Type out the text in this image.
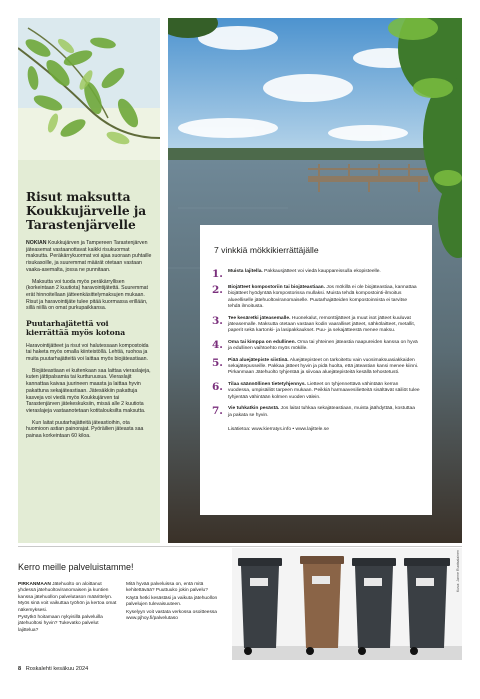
Risut maksutta Koukkujärvelle ja Tarastenjärvelle

NOKIAN Koukkujärven ja Tampereen Tarastenjärven jäteasemat vastaanottavat kaikki risukuormat maksutta. Peräkärrykuormat voi ajaa suoraan puhtaille risukasoille, ja suuremmat määrät otetaan vastaan vaaka-asemalta, jossa ne punnitaan.

Maksutta voi tuoda myös peräkärryllisen (korkeintaan 2 kuutiota) haravointijätettä. Suuremmat erät hinnoitellaan jätteenkäsittelymaksujen mukaan. Risut ja haravointijäte tulee pitää kuormassa erillään, sillä niillä on omat purkupaikkansa.

Puutarhajätettä voi kierrättää myös kotona

Haravointijätteet ja risut voi halutessaan kompostoida tai haketa myös omalla kiinteistöllä. Lehtiä, ruohoa ja muita puutarhajätteitä voi laittaa myös biojäteastiaan.

Biojäteastiaan ei kuitenkaan saa laittaa vieraslajeja, kuten jättipalsamia tai kurtturuusua. Vieraslajit kannattaa kaivaa juurineen maasta ja laittaa hyvin pakattuna sekajäteastiaan. Jätesäkkiin pakattuja kasveja voi viedä myös Koukkujärven tai Tarastenjärven jätekeskuksiin, missä alle 2 kuutiota vieraslajeja vastaanotetaan kotitalouksilta maksutta.

Kun laitat puutarhajätteitä jäteastioihin, ota huomioon astian painorajat. Pyöräilien jäteasta saa painaa korkeintaan 60 kiloa.

7 vinkkiä mökkikierrättäjälle
1.	Muista lajitella. Pakkausjätteet voi viedä kauppareissulla ekopisteelle.
2.	Biojätteet kompostoriin tai biojäteastiaan. Jos mökillä ei ole biojäteastiaa, kannattaa biojätteet hyödyntää kompostorissa mullaksi. Muista tehdä kompostointi-ilmoitus alueelliselle jätehuoltoviranomaiselle. Puutarhajätteiden kompostoinnista ei tarvitse tehdä ilmoitusta.
3.	Tee kesäretki jäteasemalle. Huonekalut, remonttijätteet ja muut isot jätteet kuuluvat jäteasemalle. Maksutta otetaan vastaan kodin vaaralliset jätteet, sähkölaitteet, metallit, paperit sekä kartonki- ja lasipakkaukset. Puu- ja sekajätteestä menee maksu.
4.	Oma tai kimppa on edullinen. Oma tai yhteinen jäteastia naapureiden kanssa on hyvä ja edullinen vaihtoehto myös mökille.
5.	Piää aluejätepiste siistinä. Aluejätepisteet on tarkoitettu vain vuosimaksuasiakkaiden sekajätepusseille. Pakkaa jätteet hyvin ja pidä huolta, että jäteastian kansi menee kiinni. Pirkanmaan Jätehuolto tyhjentää ja siivoaa aluejätepisteitä kesällä tehostetusti.
6.	Tilaa säännöllinen tietetyhjennys. Lietteet on tyhjennettävä vähintään kerran vuodessa, umpisäiliöt tarpeen mukaan. Peikkiä harmaavesilietteitä sisältävät säiliöt tulee tyhjentää vähintään kolmen vuoden välein.
7.	Vie tuhkatkin pesästä. Jos laitat tuhkaa sekajäteastiaan, muista jäähdyttää, kostuttaa ja pakata se hyvin.
Lisätietoa: www.kierratys.info • www.lajittele.se
Kerro meille palveluistamme!

PIRKANMAAN Jätehuolto on aloittanut yhdessä jätehuoltoviranomaisen ja kuntien kanssa jätehuollon palvelutason määrittelyn. Myös sinä voit vaikuttaa työhön ja kertoa omat näkemyksesi.

Pystytkö hoitamaan nykyisillä palveluilla jätehuoltosi hyvin? Tukevatko palvelut lajittelua?

Mitä hyvää palveluissa on, entä mitä kehitettävää? Puuttuuko jokin palvelu?

Käytä hetki kesästäsi ja vaikuta jätehuollon palvelujen tulevaisuuteen.

Kyselyyn voit vastata verkossa osoitteessa www.pjhoy.fi/palvelutaso

Kuva: Janne Ruotsalainen
8 Roskalehti kesäkuu 2024
